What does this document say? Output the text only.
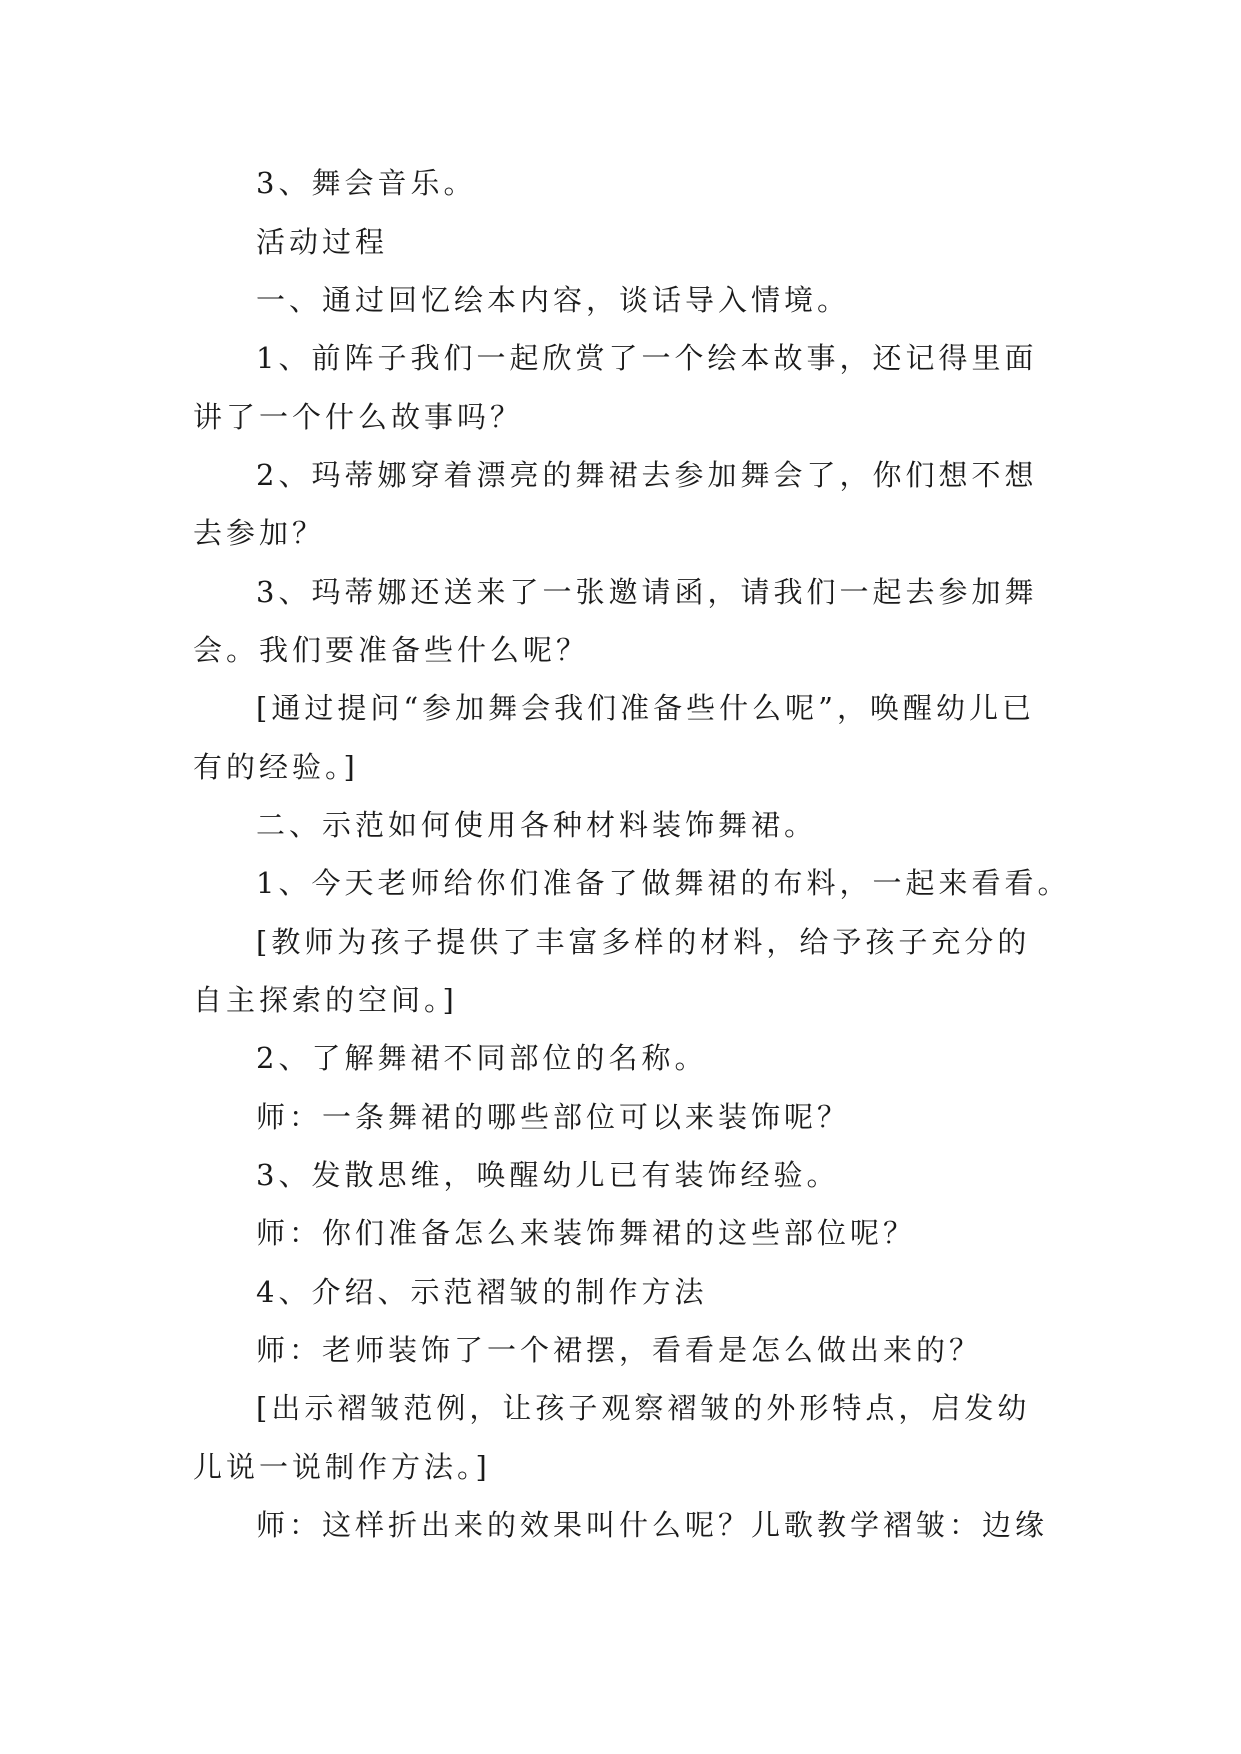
3、舞会音乐。
活动过程
一、通过回忆绘本内容，谈话导入情境。
1、前阵子我们一起欣赏了一个绘本故事，还记得里面
讲了一个什么故事吗？
2、玛蒂娜穿着漂亮的舞裙去参加舞会了，你们想不想
去参加？
3、玛蒂娜还送来了一张邀请函，请我们一起去参加舞
会。我们要准备些什么呢？
[通过提问“参加舞会我们准备些什么呢”，唤醒幼儿已
有的经验。]
二、示范如何使用各种材料装饰舞裙。
1、今天老师给你们准备了做舞裙的布料，一起来看看。
[教师为孩子提供了丰富多样的材料，给予孩子充分的
自主探索的空间。]
2、了解舞裙不同部位的名称。
师：一条舞裙的哪些部位可以来装饰呢？
3、发散思维，唤醒幼儿已有装饰经验。
师：你们准备怎么来装饰舞裙的这些部位呢？
4、介绍、示范褶皱的制作方法
师：老师装饰了一个裙摆，看看是怎么做出来的？
[出示褶皱范例，让孩子观察褶皱的外形特点，启发幼
儿说一说制作方法。]
师：这样折出来的效果叫什么呢？儿歌教学褶皱：边缘
